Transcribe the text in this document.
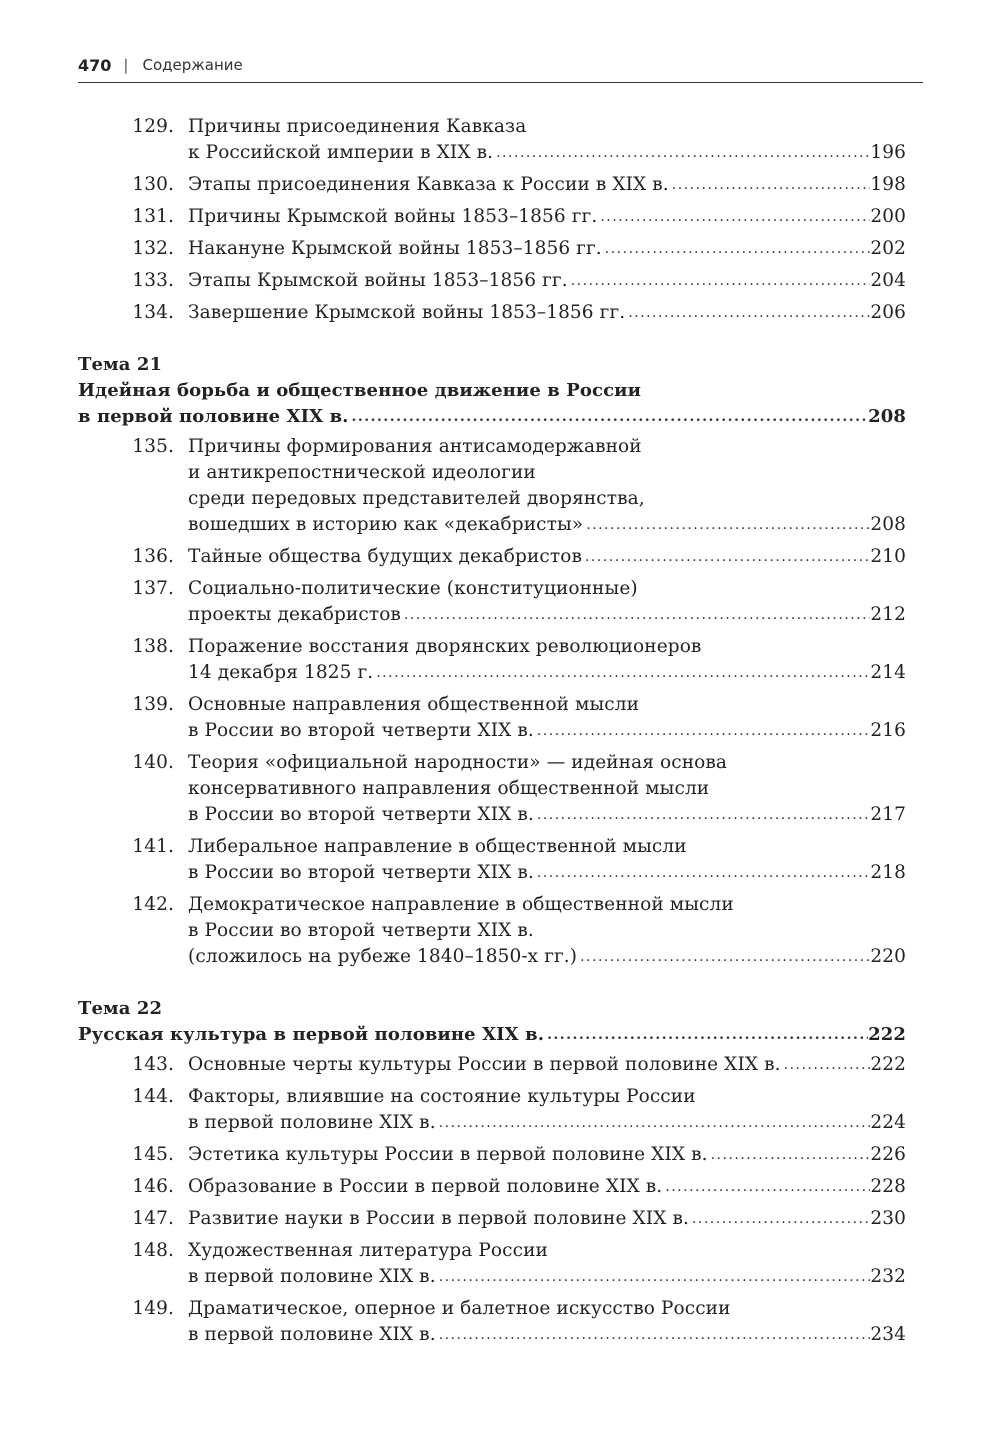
470 | Содержание
129. Причины присоединения Кавказа
к Российской империи в XIX в. .....	196
130. Этапы присоединения Кавказа к России в XIX в. .....	198
131. Причины Крымской войны 1853–1856 гг. .....	200
132. Накануне Крымской войны 1853–1856 гг. .....	202
133. Этапы Крымской войны 1853–1856 гг. .....	204
134. Завершение Крымской войны 1853–1856 гг. .....	206
Тема 21
Идейная борьба и общественное движение в России
в первой половине XIX в. .....	208
135. Причины формирования антисамодержавной
и антикрепостнической идеологии
среди передовых представителей дворянства,
вошедших в историю как «декабристы» .....	208
136. Тайные общества будущих декабристов .....	210
137. Социально-политические (конституционные)
проекты декабристов .....	212
138. Поражение восстания дворянских революционеров
14 декабря 1825 г. .....	214
139. Основные направления общественной мысли
в России во второй четверти XIX в. .....	216
140. Теория «официальной народности» — идейная основа
консервативного направления общественной мысли
в России во второй четверти XIX в. .....	217
141. Либеральное направление в общественной мысли
в России во второй четверти XIX в. .....	218
142. Демократическое направление в общественной мысли
в России во второй четверти XIX в.
(сложилось на рубеже 1840–1850-х гг.) .....	220
Тема 22
Русская культура в первой половине XIX в. .....	222
143. Основные черты культуры России в первой половине XIX в. .....	222
144. Факторы, влиявшие на состояние культуры России
в первой половине XIX в. .....	224
145. Эстетика культуры России в первой половине XIX в. .....	226
146. Образование в России в первой половине XIX в. .....	228
147. Развитие науки в России в первой половине XIX в. .....	230
148. Художественная литература России
в первой половине XIX в. .....	232
149. Драматическое, оперное и балетное искусство России
в первой половине XIX в. .....	234
